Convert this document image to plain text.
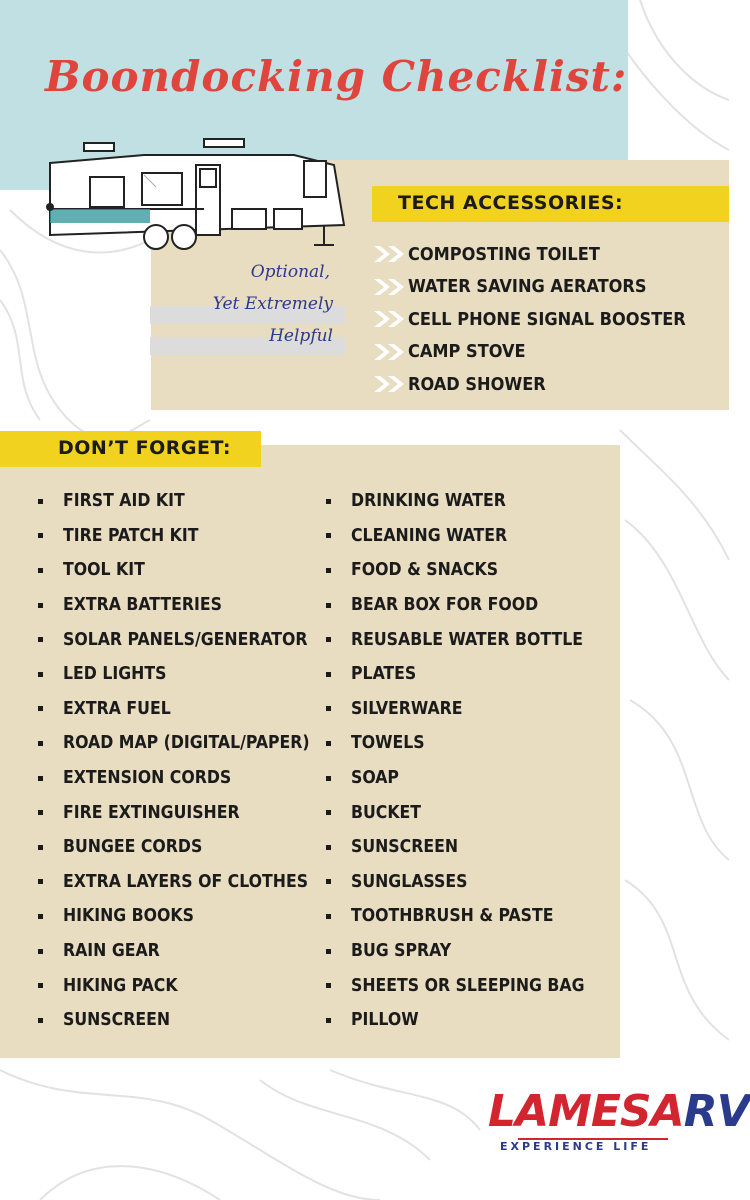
Boondocking Checklist:
Optional,
Yet Extremely
Helpful
TECH ACCESSORIES:
COMPOSTING TOILET
WATER SAVING AERATORS
CELL PHONE SIGNAL BOOSTER
CAMP STOVE
ROAD SHOWER
DON’T FORGET:
FIRST AID KIT
TIRE PATCH KIT
TOOL KIT
EXTRA BATTERIES
SOLAR PANELS/GENERATOR
LED LIGHTS
EXTRA FUEL
ROAD MAP (DIGITAL/PAPER)
EXTENSION CORDS
FIRE EXTINGUISHER
BUNGEE CORDS
EXTRA LAYERS OF CLOTHES
HIKING BOOKS
RAIN GEAR
HIKING PACK
SUNSCREEN
DRINKING WATER
CLEANING WATER
FOOD & SNACKS
BEAR BOX FOR FOOD
REUSABLE WATER BOTTLE
PLATES
SILVERWARE
TOWELS
SOAP
BUCKET
SUNSCREEN
SUNGLASSES
TOOTHBRUSH & PASTE
BUG SPRAY
SHEETS OR SLEEPING BAG
PILLOW
LAMESARV
EXPERIENCE LIFE
